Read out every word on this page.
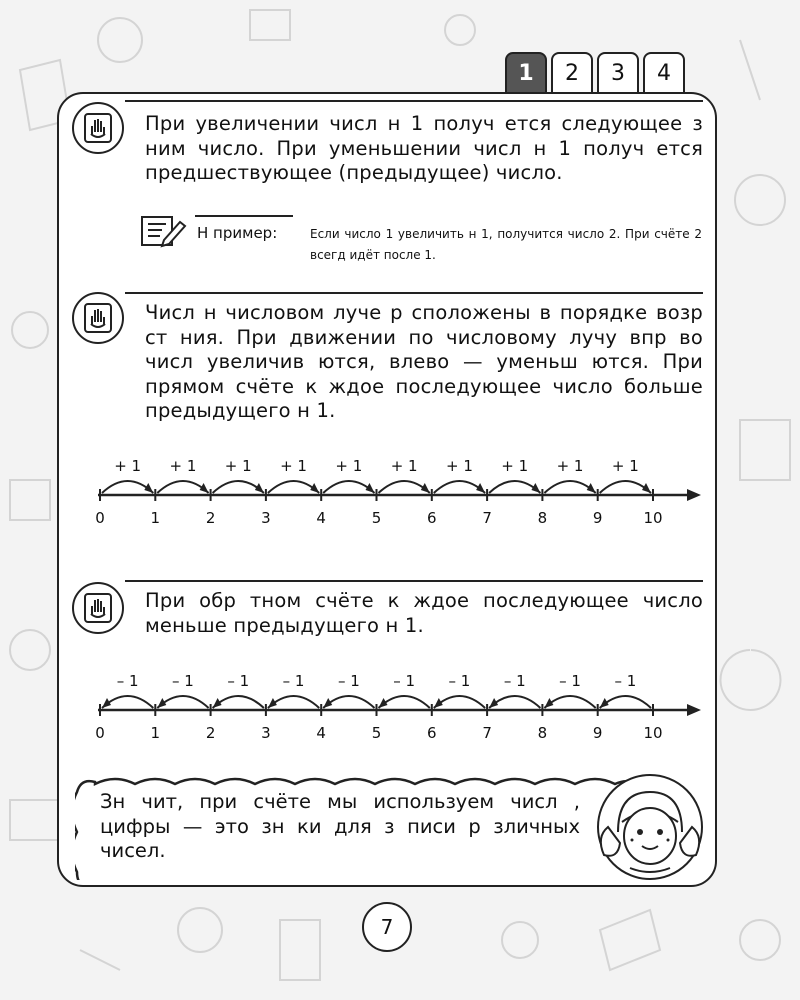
1	2	3	4

При увеличении числ н 1 получ ется следующее з ним число. При уменьшении числ н 1 получ ется предшествующее (предыдущее) число.

Н пример:	Если число 1 увеличить н 1, получится число 2. При счёте 2 всегд идёт после 1.

Числ н числовом луче р сположены в порядке возр ст ния. При движении по числовому лучу впр во числ увеличив ются, влево — уменьш ются. При прямом счёте к ждое последующее число больше предыдущего н 1.

0	1	2	3	4	5	6	7	8	9	10
+ 1 + 1 + 1 + 1 + 1 + 1 + 1 + 1 + 1 + 1

При обр тном счёте к ждое последующее число меньше предыдущего н 1.

0	1	2	3	4	5	6	7	8	9	10
– 1 – 1 – 1 – 1 – 1 – 1 – 1 – 1 – 1 – 1

Зн чит, при счёте мы используем числ , цифры — это зн ки для з писи р зличных чисел.

7
